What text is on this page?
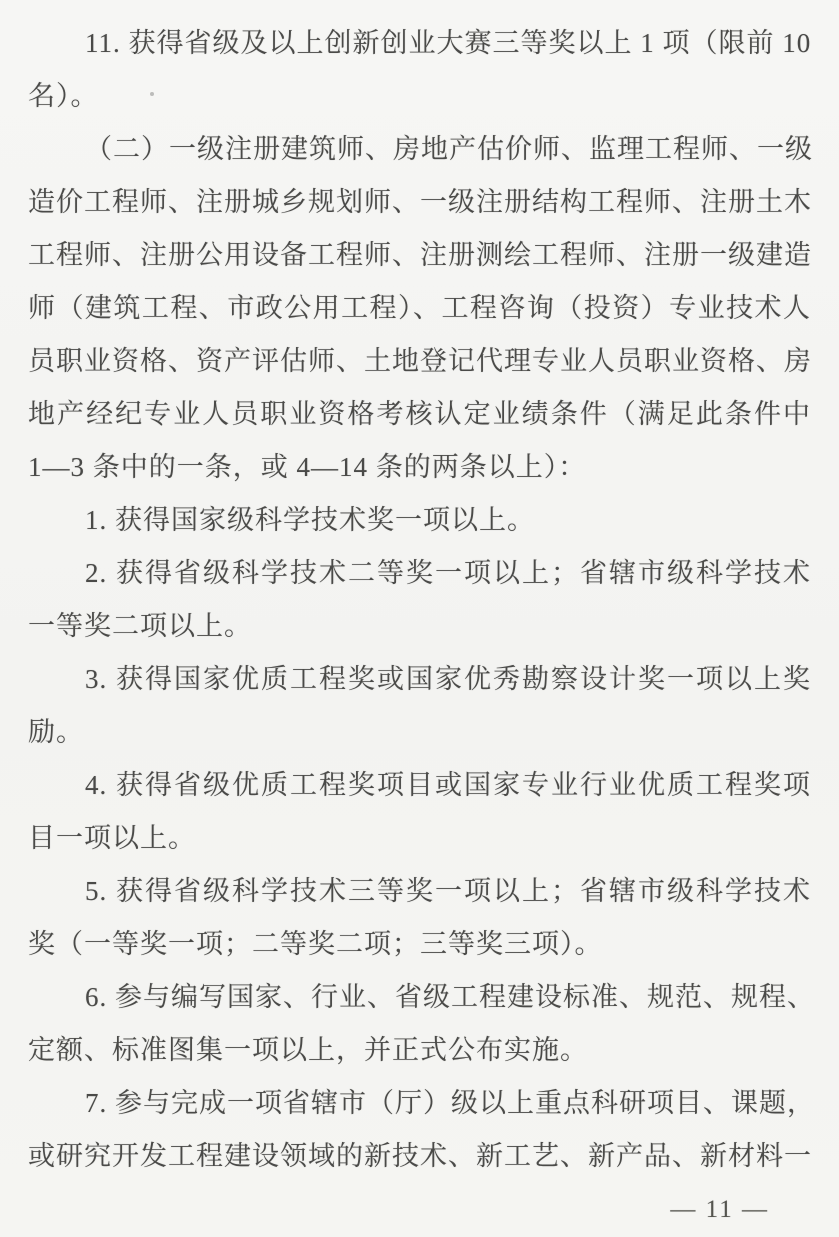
11. 获得省级及以上创新创业大赛三等奖以上 1 项（限前 10
名）。
（二）一级注册建筑师、房地产估价师、监理工程师、一级
造价工程师、注册城乡规划师、一级注册结构工程师、注册土木
工程师、注册公用设备工程师、注册测绘工程师、注册一级建造
师（建筑工程、市政公用工程）、工程咨询（投资）专业技术人
员职业资格、资产评估师、土地登记代理专业人员职业资格、房
地产经纪专业人员职业资格考核认定业绩条件（满足此条件中
1—3 条中的一条，或 4—14 条的两条以上）：
1. 获得国家级科学技术奖一项以上。
2. 获得省级科学技术二等奖一项以上；省辖市级科学技术
一等奖二项以上。
3. 获得国家优质工程奖或国家优秀勘察设计奖一项以上奖
励。
4. 获得省级优质工程奖项目或国家专业行业优质工程奖项
目一项以上。
5. 获得省级科学技术三等奖一项以上；省辖市级科学技术
奖（一等奖一项；二等奖二项；三等奖三项）。
6. 参与编写国家、行业、省级工程建设标准、规范、规程、
定额、标准图集一项以上，并正式公布实施。
7. 参与完成一项省辖市（厅）级以上重点科研项目、课题，
或研究开发工程建设领域的新技术、新工艺、新产品、新材料一
— 11 —
